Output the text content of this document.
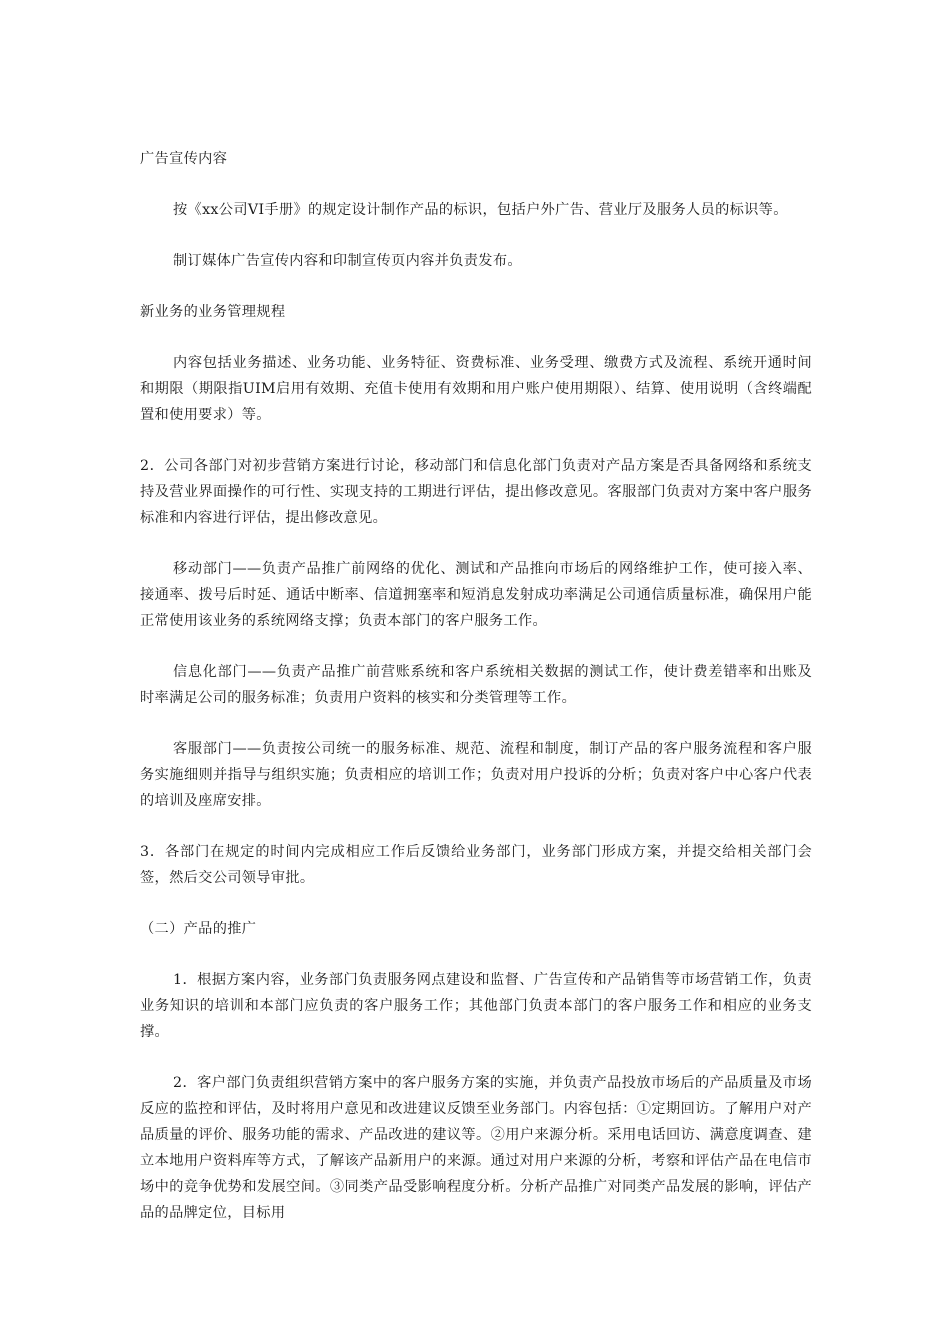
广告宣传内容

按《xx公司VI手册》的规定设计制作产品的标识，包括户外广告、营业厅及服务人员的标识等。

制订媒体广告宣传内容和印制宣传页内容并负责发布。

新业务的业务管理规程

内容包括业务描述、业务功能、业务特征、资费标准、业务受理、缴费方式及流程、系统开通时间和期限（期限指UIM启用有效期、充值卡使用有效期和用户账户使用期限）、结算、使用说明（含终端配置和使用要求）等。

2．公司各部门对初步营销方案进行讨论，移动部门和信息化部门负责对产品方案是否具备网络和系统支持及营业界面操作的可行性、实现支持的工期进行评估，提出修改意见。客服部门负责对方案中客户服务标准和内容进行评估，提出修改意见。

移动部门——负责产品推广前网络的优化、测试和产品推向市场后的网络维护工作，使可接入率、接通率、拨号后时延、通话中断率、信道拥塞率和短消息发射成功率满足公司通信质量标准，确保用户能正常使用该业务的系统网络支撑；负责本部门的客户服务工作。

信息化部门——负责产品推广前营账系统和客户系统相关数据的测试工作，使计费差错率和出账及时率满足公司的服务标准；负责用户资料的核实和分类管理等工作。

客服部门——负责按公司统一的服务标准、规范、流程和制度，制订产品的客户服务流程和客户服务实施细则并指导与组织实施；负责相应的培训工作；负责对用户投诉的分析；负责对客户中心客户代表的培训及座席安排。

3．各部门在规定的时间内完成相应工作后反馈给业务部门，业务部门形成方案，并提交给相关部门会签，然后交公司领导审批。

（二）产品的推广

1．根据方案内容，业务部门负责服务网点建设和监督、广告宣传和产品销售等市场营销工作，负责业务知识的培训和本部门应负责的客户服务工作；其他部门负责本部门的客户服务工作和相应的业务支撑。

2．客户部门负责组织营销方案中的客户服务方案的实施，并负责产品投放市场后的产品质量及市场反应的监控和评估，及时将用户意见和改进建议反馈至业务部门。内容包括：①定期回访。了解用户对产品质量的评价、服务功能的需求、产品改进的建议等。②用户来源分析。采用电话回访、满意度调查、建立本地用户资料库等方式，了解该产品新用户的来源。通过对用户来源的分析，考察和评估产品在电信市场中的竞争优势和发展空间。③同类产品受影响程度分析。分析产品推广对同类产品发展的影响，评估产品的品牌定位，目标用
